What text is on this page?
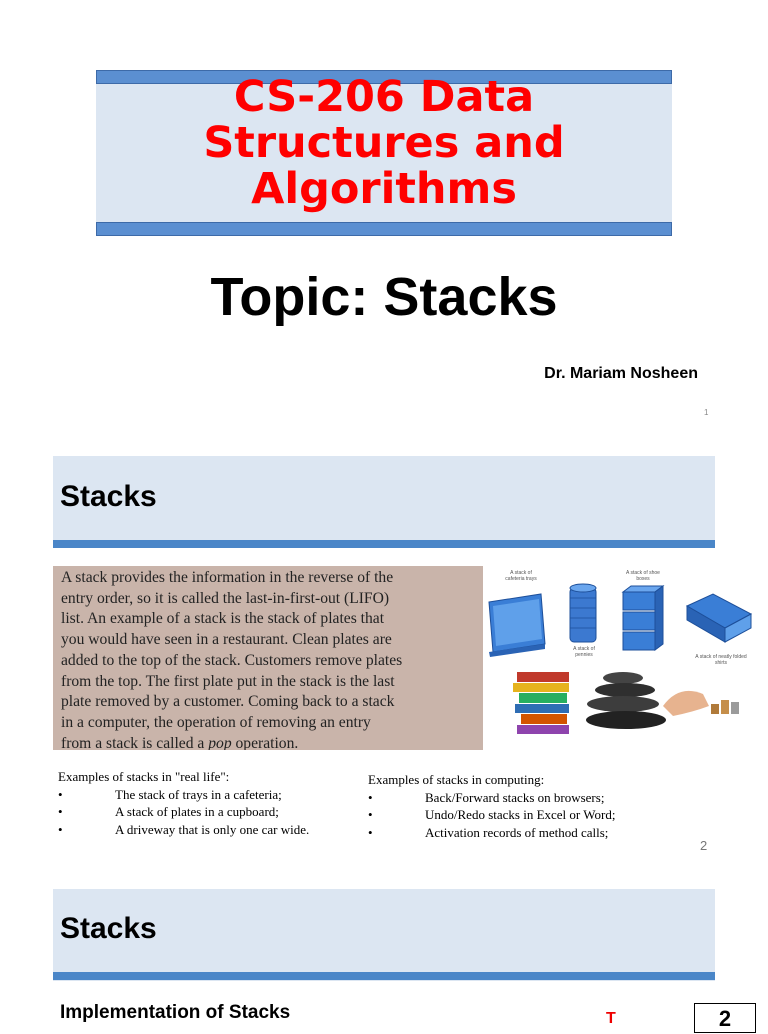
CS-206 Data
Structures and
Algorithms
Topic: Stacks
Dr. Mariam Nosheen
1
Stacks
A stack provides the information in the reverse of the
entry order, so it is called the last-in-first-out (LIFO)
list. An example of a stack is the stack of plates that
you would have seen in a restaurant. Clean plates are
added to the top of the stack. Customers remove plates
from the top. The first plate put in the stack is the last
plate removed by a customer. Coming back to a stack
in a computer, the operation of removing an entry
from a stack is called a pop operation.
A stack of cafeteria trays
A stack of pennies
A stack of shoe boxes
A stack of neatly folded shirts
Examples of stacks in "real life":
• The stack of trays in a cafeteria;
• A stack of plates in a cupboard;
• A driveway that is only one car wide.
Examples of stacks in computing:
• Back/Forward stacks on browsers;
• Undo/Redo stacks in Excel or Word;
• Activation records of method calls;
2
Stacks
Implementation of Stacks	T	2
